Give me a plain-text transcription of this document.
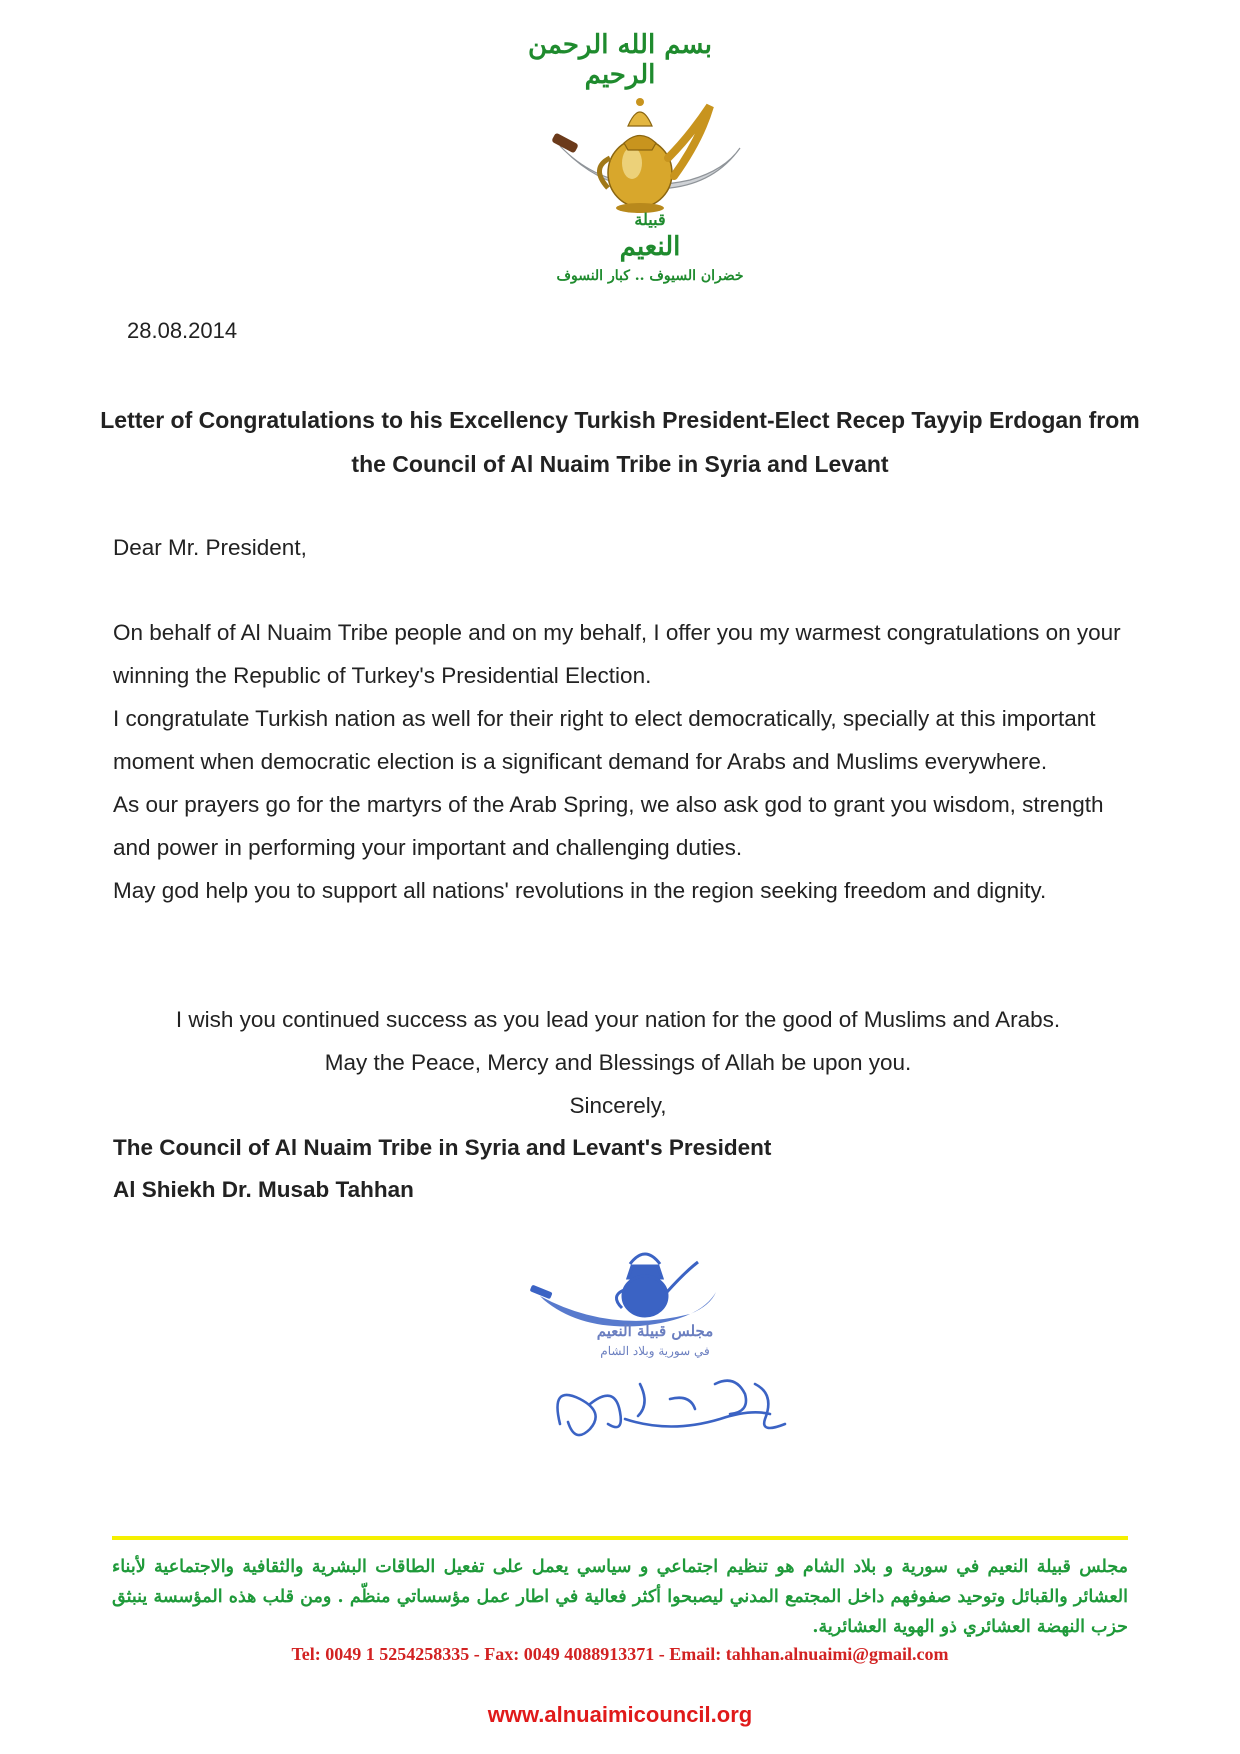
بسم الله الرحمن الرحيم
قبيلة
النعيم
خضران السيوف .. كبار النسوف
28.08.2014
Letter of Congratulations to his Excellency Turkish President-Elect Recep Tayyip Erdogan from the Council of Al Nuaim Tribe in Syria and Levant
Dear Mr. President,

On behalf of Al Nuaim Tribe people and on my behalf, I offer you my warmest congratulations on your winning the Republic of Turkey's Presidential Election.

I congratulate Turkish nation as well for their right to elect democratically, specially at this important moment when democratic election is a significant demand for Arabs and Muslims everywhere.

As our prayers go for the martyrs of the Arab Spring, we also ask god to grant you wisdom, strength and power in performing your important and challenging duties.

May god help you to support all nations' revolutions in the region seeking freedom and dignity.

I wish you continued success as you lead your nation for the good of Muslims and Arabs.

May the Peace, Mercy and Blessings of Allah be upon you.

Sincerely,

The Council of Al Nuaim Tribe in Syria and Levant's President

Al Shiekh Dr. Musab Tahhan

مجلس قبيلة النعيم
في سورية وبلاد الشام
مجلس قبيلة النعيم في سورية و بلاد الشام هو تنظيم اجتماعي و سياسي يعمل على تفعيل الطاقات البشرية والثقافية والاجتماعية لأبناء العشائر والقبائل وتوحيد صفوفهم داخل المجتمع المدني ليصبحوا أكثر فعالية في اطار عمل مؤسساتي منظّم . ومن قلب هذه المؤسسة ينبثق حزب النهضة العشائري ذو الهوية العشائرية.
Tel: 0049 1 5254258335 - Fax: 0049 4088913371 - Email: tahhan.alnuaimi@gmail.com
www.alnuaimicouncil.org
